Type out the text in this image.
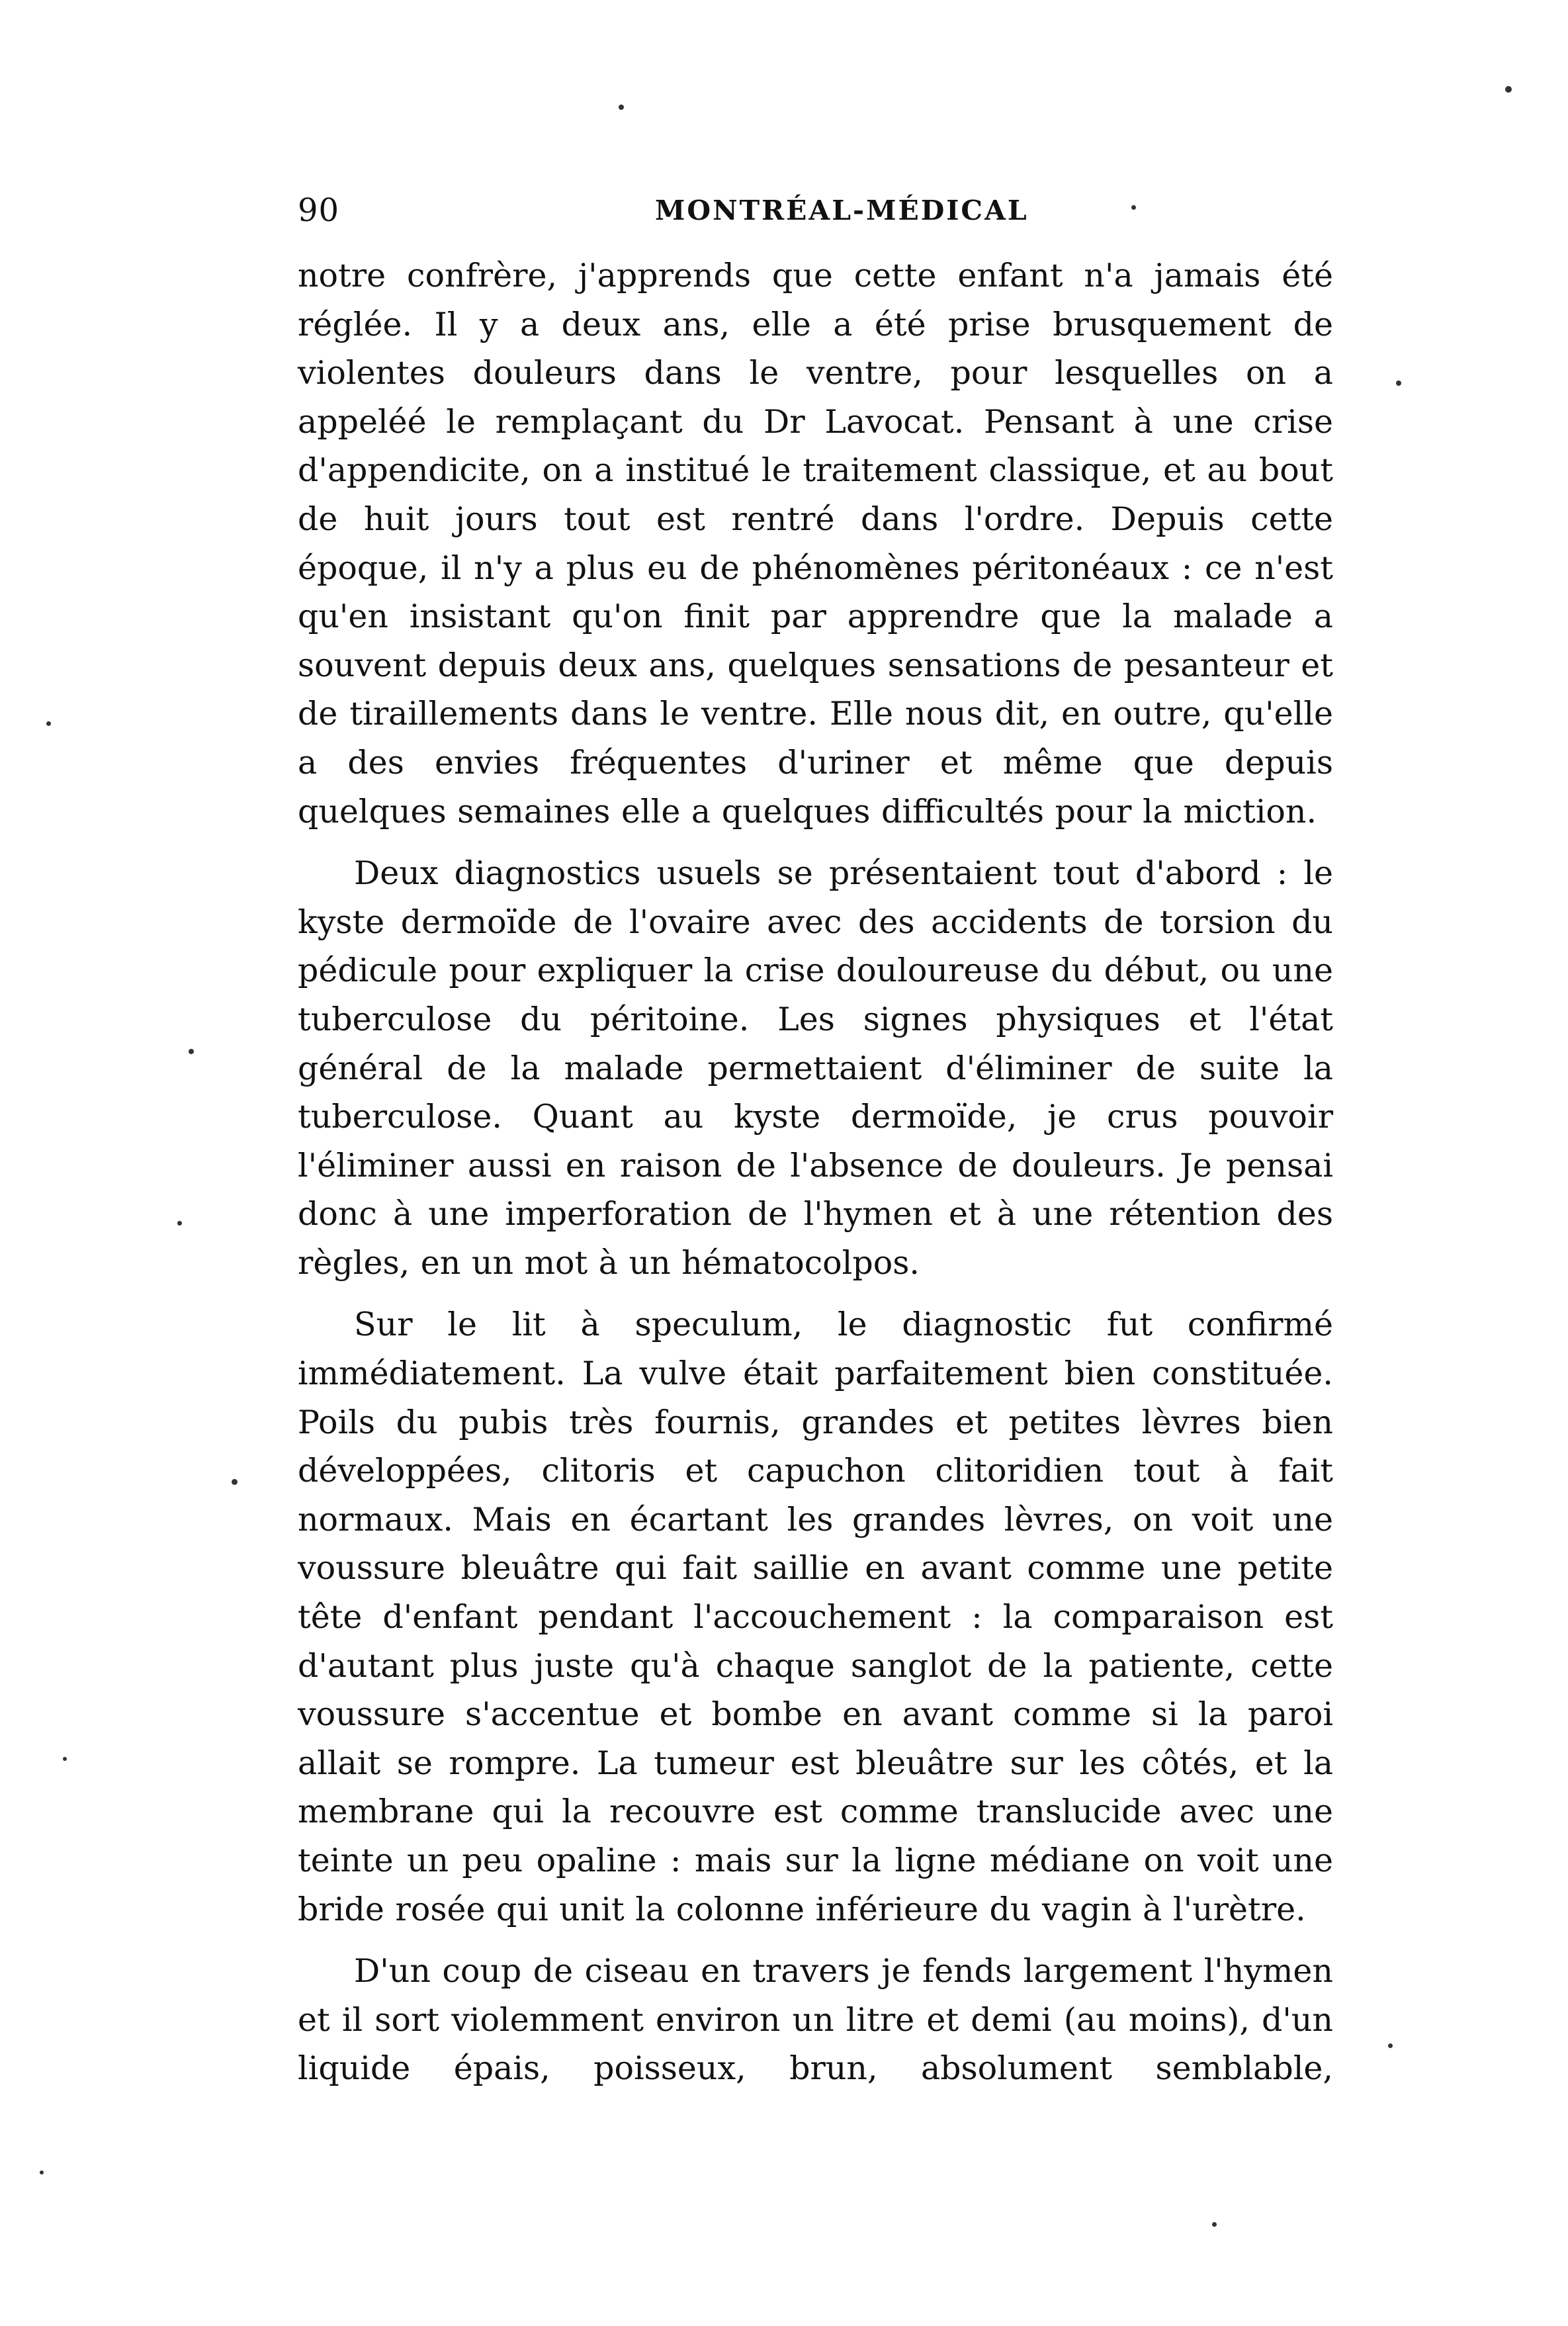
90	MONTRÉAL-MÉDICAL

notre confrère, j'apprends que cette enfant n'a jamais été réglée. Il y a deux ans, elle a été prise brusquement de violentes douleurs dans le ventre, pour lesquelles on a appeléé le remplaçant du Dr Lavocat. Pensant à une crise d'appendicite, on a institué le traitement classique, et au bout de huit jours tout est rentré dans l'ordre. Depuis cette époque, il n'y a plus eu de phénomènes péritonéaux : ce n'est qu'en insistant qu'on finit par apprendre que la malade a souvent depuis deux ans, quelques sensations de pesanteur et de tiraillements dans le ventre. Elle nous dit, en outre, qu'elle a des envies fréquentes d'uriner et même que depuis quelques semaines elle a quelques difficultés pour la miction.

Deux diagnostics usuels se présentaient tout d'abord : le kyste dermoïde de l'ovaire avec des accidents de torsion du pédicule pour expliquer la crise douloureuse du début, ou une tuberculose du péritoine. Les signes physiques et l'état général de la malade permettaient d'éliminer de suite la tuberculose. Quant au kyste dermoïde, je crus pouvoir l'éliminer aussi en raison de l'absence de douleurs. Je pensai donc à une imperforation de l'hymen et à une rétention des règles, en un mot à un hématocolpos.

Sur le lit à speculum, le diagnostic fut confirmé immédiatement. La vulve était parfaitement bien constituée. Poils du pubis très fournis, grandes et petites lèvres bien développées, clitoris et capuchon clitoridien tout à fait normaux. Mais en écartant les grandes lèvres, on voit une voussure bleuâtre qui fait saillie en avant comme une petite tête d'enfant pendant l'accouchement : la comparaison est d'autant plus juste qu'à chaque sanglot de la patiente, cette voussure s'accentue et bombe en avant comme si la paroi allait se rompre. La tumeur est bleuâtre sur les côtés, et la membrane qui la recouvre est comme translucide avec une teinte un peu opaline : mais sur la ligne médiane on voit une bride rosée qui unit la colonne inférieure du vagin à l'urètre.

D'un coup de ciseau en travers je fends largement l'hymen et il sort violemment environ un litre et demi (au moins), d'un liquide épais, poisseux, brun, absolument semblable,
